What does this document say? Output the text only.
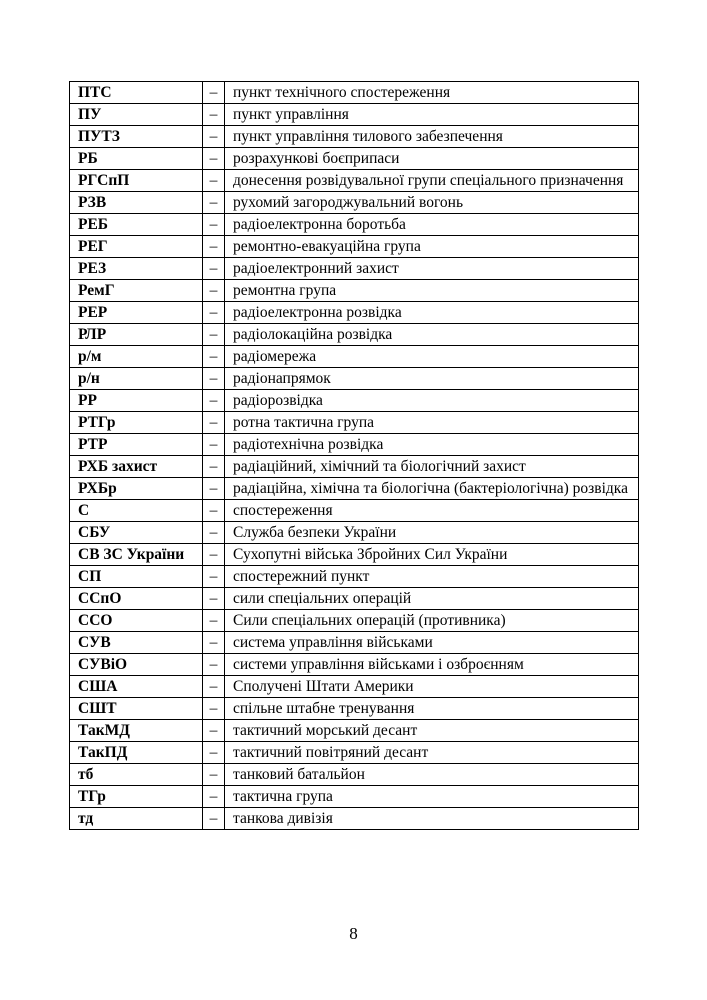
ПТС	–	пункт технічного спостереження
ПУ	–	пункт управління
ПУТЗ	–	пункт управління тилового забезпечення
РБ	–	розрахункові боєприпаси
РГСпП	–	донесення розвідувальної групи спеціального призначення
РЗВ	–	рухомий загороджувальний вогонь
РЕБ	–	радіоелектронна боротьба
РЕГ	–	ремонтно-евакуаційна група
РЕЗ	–	радіоелектронний захист
РемГ	–	ремонтна група
РЕР	–	радіоелектронна розвідка
РЛР	–	радіолокаційна розвідка
р/м	–	радіомережа
р/н	–	радіонапрямок
РР	–	радіорозвідка
РТГр	–	ротна тактична група
РТР	–	радіотехнічна розвідка
РХБ захист	–	радіаційний, хімічний та біологічний захист
РХБр	–	радіаційна, хімічна та біологічна (бактеріологічна) розвідка
С	–	спостереження
СБУ	–	Служба безпеки України
СВ ЗС України	–	Сухопутні війська Збройних Сил України
СП	–	спостережний пункт
ССпО	–	сили спеціальних операцій
ССО	–	Сили спеціальних операцій (противника)
СУВ	–	система управління військами
СУВіО	–	системи управління військами і озброєнням
США	–	Сполучені Штати Америки
СШТ	–	спільне штабне тренування
ТакМД	–	тактичний морський десант
ТакПД	–	тактичний повітряний десант
тб	–	танковий батальйон
ТГр	–	тактична група
тд	–	танкова дивізія
8
